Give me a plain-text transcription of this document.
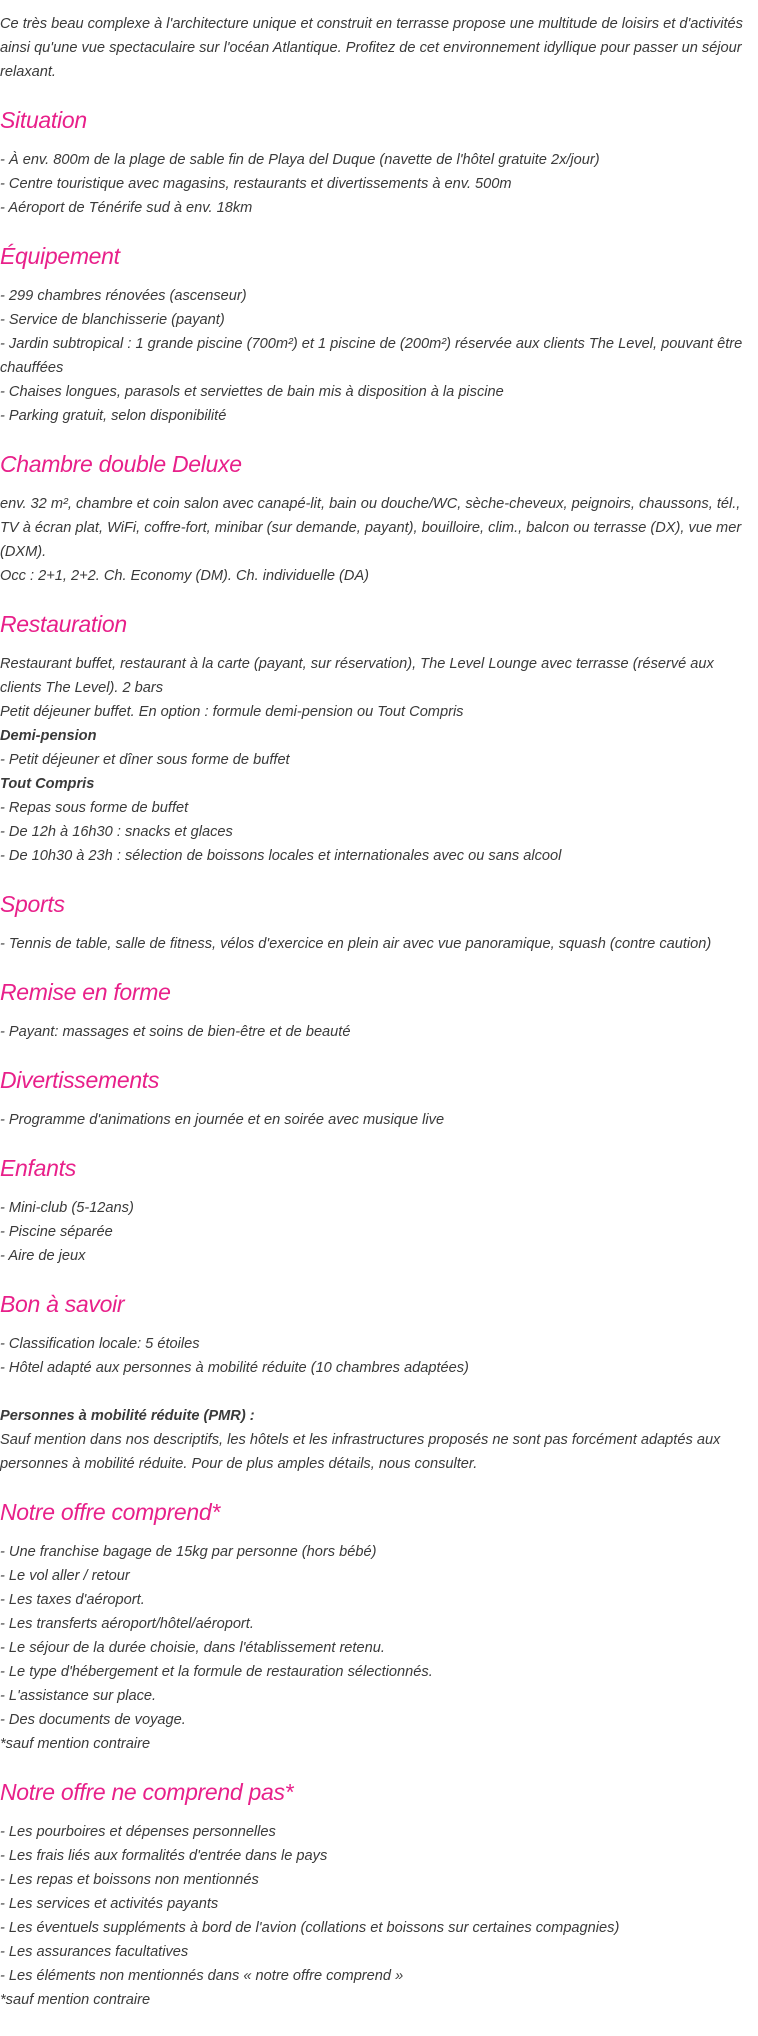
Ce très beau complexe à l'architecture unique et construit en terrasse propose une multitude de loisirs et d'activités ainsi qu'une vue spectaculaire sur l'océan Atlantique. Profitez de cet environnement idyllique pour passer un séjour relaxant.

Situation

- À env. 800m de la plage de sable fin de Playa del Duque (navette de l'hôtel gratuite 2x/jour)

- Centre touristique avec magasins, restaurants et divertissements à env. 500m

- Aéroport de Ténérife sud à env. 18km

Équipement

- 299 chambres rénovées (ascenseur)

- Service de blanchisserie (payant)

- Jardin subtropical : 1 grande piscine (700m²) et 1 piscine de (200m²) réservée aux clients The Level, pouvant être chauffées

- Chaises longues, parasols et serviettes de bain mis à disposition à la piscine

- Parking gratuit, selon disponibilité

Chambre double Deluxe

env. 32 m², chambre et coin salon avec canapé-lit, bain ou douche/WC, sèche-cheveux, peignoirs, chaussons, tél., TV à écran plat, WiFi, coffre-fort, minibar (sur demande, payant), bouilloire, clim., balcon ou terrasse (DX), vue mer (DXM).

Occ : 2+1, 2+2. Ch. Economy (DM). Ch. individuelle (DA)

Restauration

Restaurant buffet, restaurant à la carte (payant, sur réservation), The Level Lounge avec terrasse (réservé aux clients The Level). 2 bars

Petit déjeuner buffet. En option : formule demi-pension ou Tout Compris

Demi-pension

- Petit déjeuner et dîner sous forme de buffet

Tout Compris

- Repas sous forme de buffet

- De 12h à 16h30 : snacks et glaces

- De 10h30 à 23h : sélection de boissons locales et internationales avec ou sans alcool

Sports

- Tennis de table, salle de fitness, vélos d'exercice en plein air avec vue panoramique, squash (contre caution)

Remise en forme

- Payant: massages et soins de bien-être et de beauté

Divertissements

- Programme d'animations en journée et en soirée avec musique live

Enfants

- Mini-club (5-12ans)

- Piscine séparée

- Aire de jeux

Bon à savoir

- Classification locale: 5 étoiles

- Hôtel adapté aux personnes à mobilité réduite (10 chambres adaptées)

Personnes à mobilité réduite (PMR) :

Sauf mention dans nos descriptifs, les hôtels et les infrastructures proposés ne sont pas forcément adaptés aux personnes à mobilité réduite. Pour de plus amples détails, nous consulter.

Notre offre comprend*

- Une franchise bagage de 15kg par personne (hors bébé)

- Le vol aller / retour

- Les taxes d'aéroport.

- Les transferts aéroport/hôtel/aéroport.

- Le séjour de la durée choisie, dans l'établissement retenu.

- Le type d'hébergement et la formule de restauration sélectionnés.

- L'assistance sur place.

- Des documents de voyage.

*sauf mention contraire

Notre offre ne comprend pas*

- Les pourboires et dépenses personnelles

- Les frais liés aux formalités d'entrée dans le pays

- Les repas et boissons non mentionnés

- Les services et activités payants

- Les éventuels suppléments à bord de l'avion (collations et boissons sur certaines compagnies)

- Les assurances facultatives

- Les éléments non mentionnés dans « notre offre comprend »

*sauf mention contraire
